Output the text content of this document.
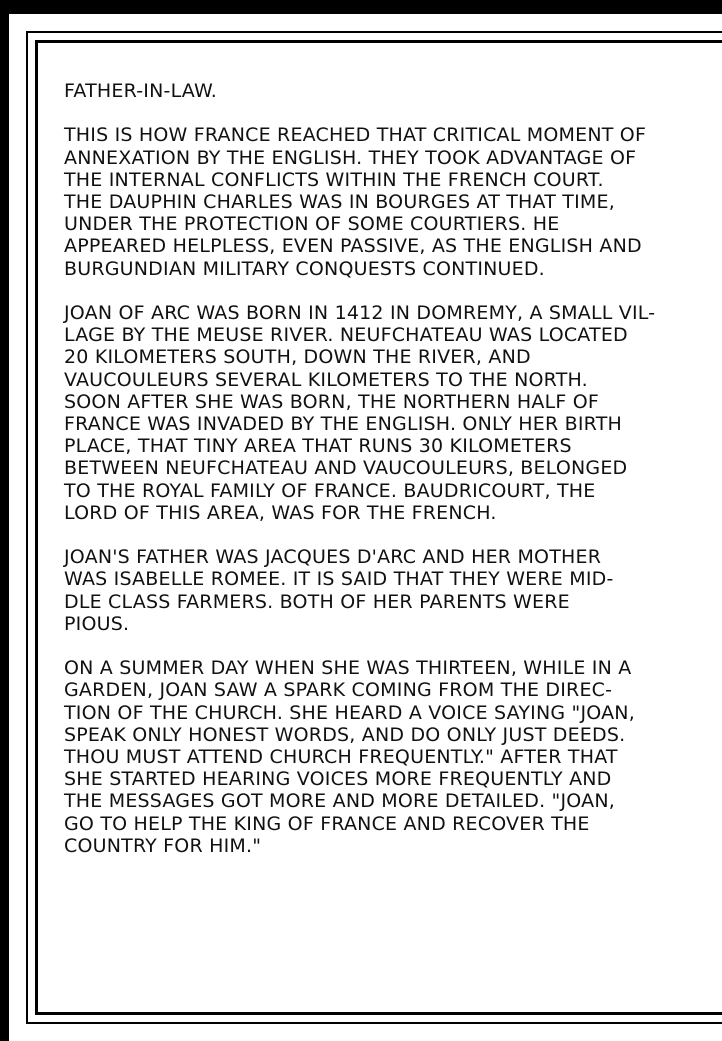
FATHER-IN-LAW.

THIS IS HOW FRANCE REACHED THAT CRITICAL MOMENT OF
ANNEXATION BY THE ENGLISH. THEY TOOK ADVANTAGE OF
THE INTERNAL CONFLICTS WITHIN THE FRENCH COURT.
THE DAUPHIN CHARLES WAS IN BOURGES AT THAT TIME,
UNDER THE PROTECTION OF SOME COURTIERS. HE
APPEARED HELPLESS, EVEN PASSIVE, AS THE ENGLISH AND
BURGUNDIAN MILITARY CONQUESTS CONTINUED.

JOAN OF ARC WAS BORN IN 1412 IN DOMREMY, A SMALL VIL-
LAGE BY THE MEUSE RIVER. NEUFCHATEAU WAS LOCATED
20 KILOMETERS SOUTH, DOWN THE RIVER, AND
VAUCOULEURS SEVERAL KILOMETERS TO THE NORTH.
SOON AFTER SHE WAS BORN, THE NORTHERN HALF OF
FRANCE WAS INVADED BY THE ENGLISH. ONLY HER BIRTH
PLACE, THAT TINY AREA THAT RUNS 30 KILOMETERS
BETWEEN NEUFCHATEAU AND VAUCOULEURS, BELONGED
TO THE ROYAL FAMILY OF FRANCE. BAUDRICOURT, THE
LORD OF THIS AREA, WAS FOR THE FRENCH.

JOAN'S FATHER WAS JACQUES D'ARC AND HER MOTHER
WAS ISABELLE ROMEE. IT IS SAID THAT THEY WERE MID-
DLE CLASS FARMERS. BOTH OF HER PARENTS WERE
PIOUS.

ON A SUMMER DAY WHEN SHE WAS THIRTEEN, WHILE IN A
GARDEN, JOAN SAW A SPARK COMING FROM THE DIREC-
TION OF THE CHURCH. SHE HEARD A VOICE SAYING "JOAN,
SPEAK ONLY HONEST WORDS, AND DO ONLY JUST DEEDS.
THOU MUST ATTEND CHURCH FREQUENTLY." AFTER THAT
SHE STARTED HEARING VOICES MORE FREQUENTLY AND
THE MESSAGES GOT MORE AND MORE DETAILED. "JOAN,
GO TO HELP THE KING OF FRANCE AND RECOVER THE
COUNTRY FOR HIM."
